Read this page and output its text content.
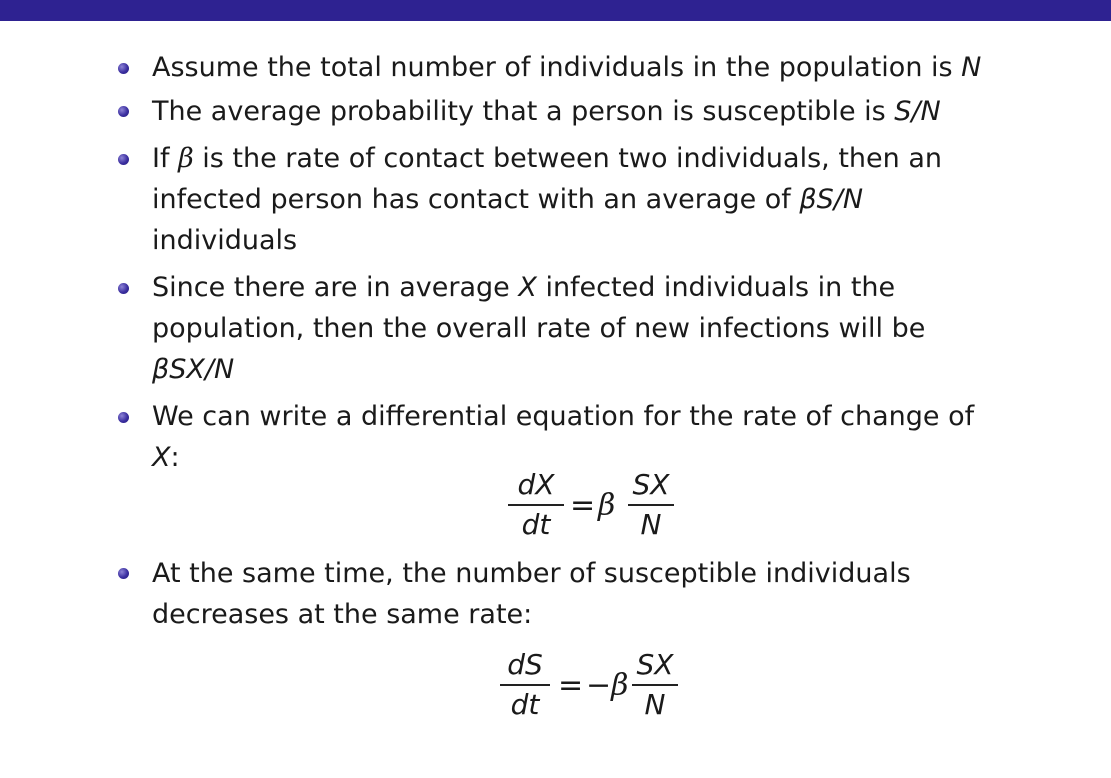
Assume the total number of individuals in the population is N
The average probability that a person is susceptible is S/N
If β is the rate of contact between two individuals, then an
infected person has contact with an average of βS/N
individuals
Since there are in average X infected individuals in the
population, then the overall rate of new infections will be
βSX/N
We can write a differential equation for the rate of change of
X:
At the same time, the number of susceptible individuals
decreases at the same rate:
dX
dt
= β
SX
N
dS
dt
= −β
SX
N
